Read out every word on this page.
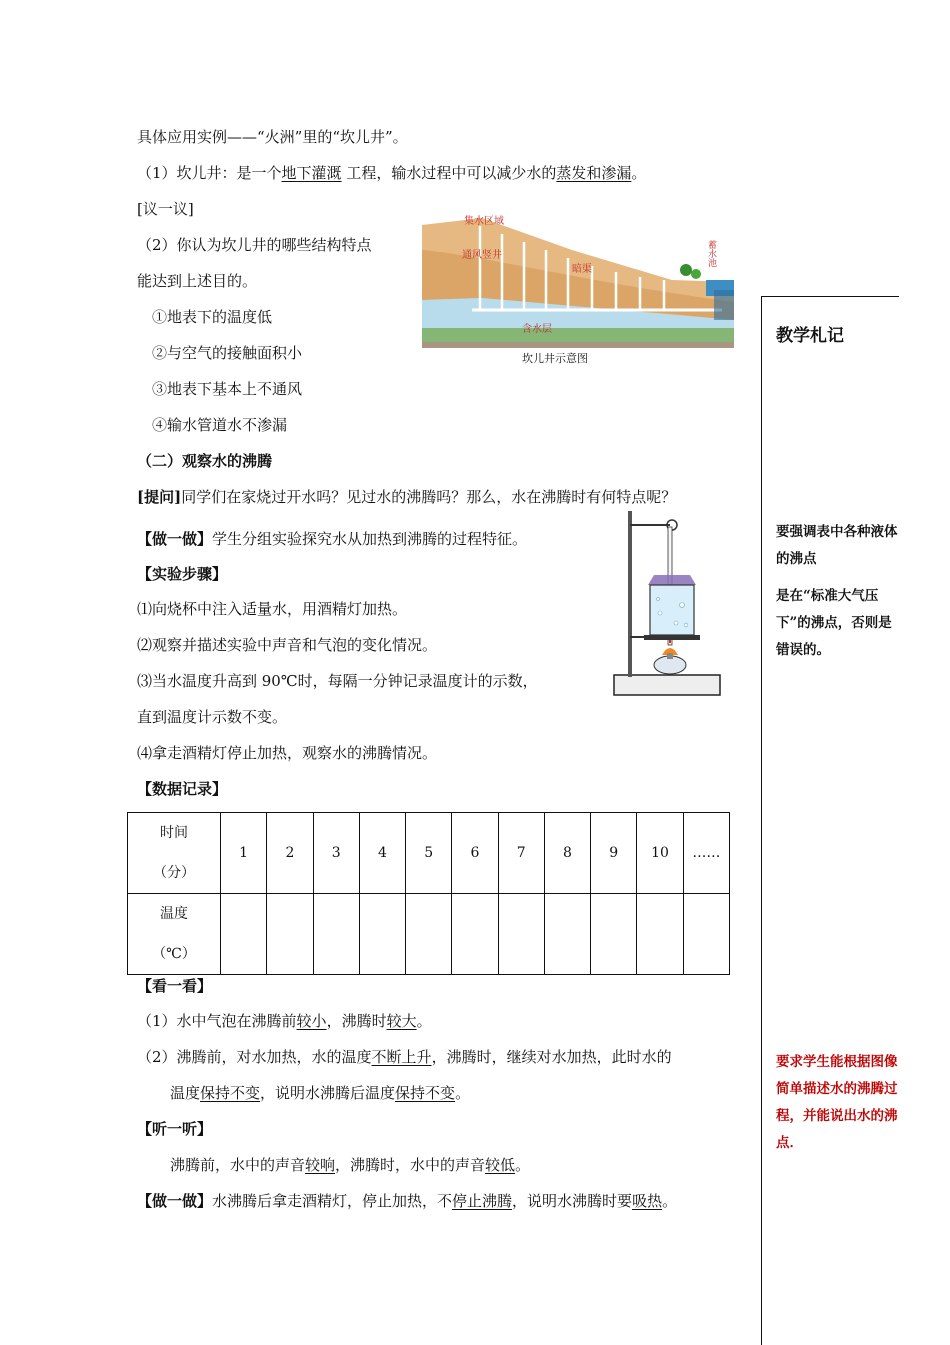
具体应用实例——“火洲”里的“坎儿井”。
（1）坎儿井：是一个地下灌溉 工程，输水过程中可以减少水的蒸发和渗漏。
[议一议]
（2）你认为坎儿井的哪些结构特点
能达到上述目的。
①地表下的温度低
②与空气的接触面积小
③地表下基本上不通风
④输水管道水不渗漏
（二）观察水的沸腾
[提问]同学们在家烧过开水吗？见过水的沸腾吗？那么，水在沸腾时有何特点呢？
【做一做】学生分组实验探究水从加热到沸腾的过程特征。
【实验步骤】
⑴向烧杯中注入适量水，用酒精灯加热。
⑵观察并描述实验中声音和气泡的变化情况。
⑶当水温度升高到 90℃时，每隔一分钟记录温度计的示数，
直到温度计示数不变。
⑷拿走酒精灯停止加热，观察水的沸腾情况。
【数据记录】
时间
（分）	1	2	3	4	5	6	7	8	9	10	……
温度
（℃）											
【看一看】
（1）水中气泡在沸腾前较小，沸腾时较大。
（2）沸腾前，对水加热，水的温度不断上升，沸腾时，继续对水加热，此时水的
温度保持不变，说明水沸腾后温度保持不变。
【听一听】
沸腾前，水中的声音较响，沸腾时，水中的声音较低。
【做一做】水沸腾后拿走酒精灯，停止加热，不停止沸腾，说明水沸腾时要吸热。
集水区域
通风竖井
暗渠
含水层
蓄水池
坎儿井示意图
教学札记
要强调表中各种液体的沸点
是在“标准大气压下”的沸点，否则是错误的。
要求学生能根据图像简单描述水的沸腾过程，并能说出水的沸点．
